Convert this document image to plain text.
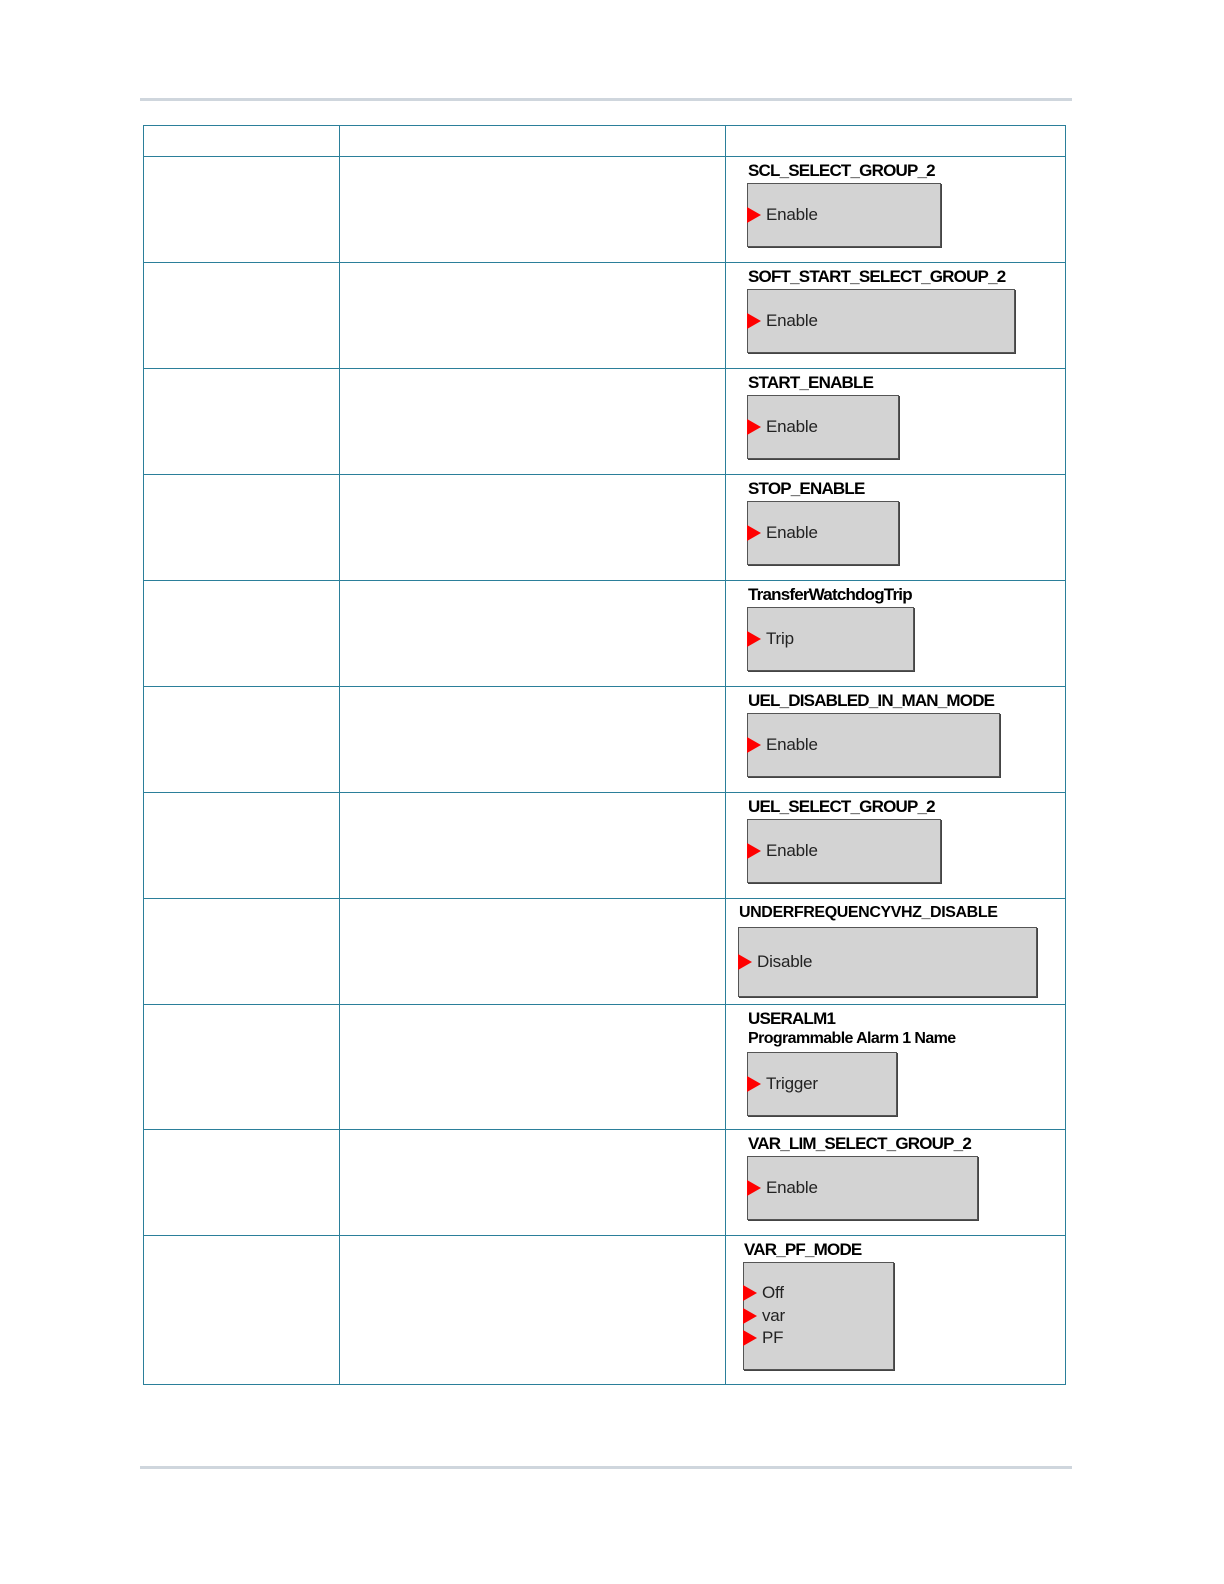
		SCL_SELECT_GROUP_2
Enable

		SOFT_START_SELECT_GROUP_2
Enable

		START_ENABLE
Enable

		STOP_ENABLE
Enable

		TransferWatchdogTrip
Trip

		UEL_DISABLED_IN_MAN_MODE
Enable

		UEL_SELECT_GROUP_2
Enable

		UNDERFREQUENCYVHZ_DISABLE
Disable

		USERALM1
Programmable Alarm 1 Name
Trigger

		VAR_LIM_SELECT_GROUP_2
Enable

		VAR_PF_MODE
Off
var
PF
